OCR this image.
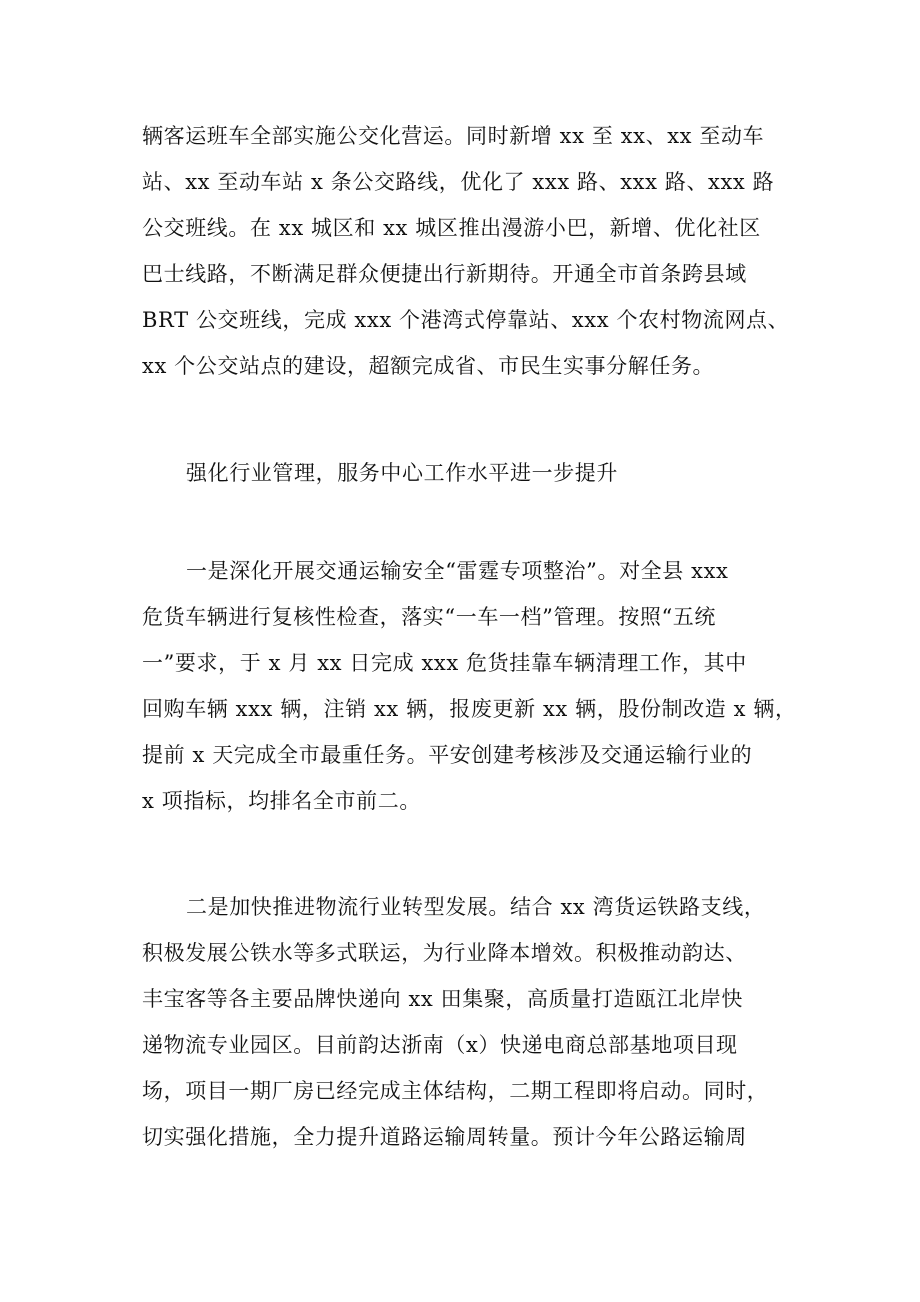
辆客运班车全部实施公交化营运。同时新增 xx 至 xx、xx 至动车
站、xx 至动车站 x 条公交路线，优化了 xxx 路、xxx 路、xxx 路
公交班线。在 xx 城区和 xx 城区推出漫游小巴，新增、优化社区
巴士线路，不断满足群众便捷出行新期待。开通全市首条跨县域
BRT 公交班线，完成 xxx 个港湾式停靠站、xxx 个农村物流网点、
xx 个公交站点的建设，超额完成省、市民生实事分解任务。
强化行业管理，服务中心工作水平进一步提升
一是深化开展交通运输安全“雷霆专项整治”。对全县 xxx
危货车辆进行复核性检查，落实“一车一档”管理。按照“五统
一”要求，于 x 月 xx 日完成 xxx 危货挂靠车辆清理工作，其中
回购车辆 xxx 辆，注销 xx 辆，报废更新 xx 辆，股份制改造 x 辆，
提前 x 天完成全市最重任务。平安创建考核涉及交通运输行业的
x 项指标，均排名全市前二。
二是加快推进物流行业转型发展。结合 xx 湾货运铁路支线，
积极发展公铁水等多式联运，为行业降本增效。积极推动韵达、
丰宝客等各主要品牌快递向 xx 田集聚，高质量打造瓯江北岸快
递物流专业园区。目前韵达浙南（x）快递电商总部基地项目现
场，项目一期厂房已经完成主体结构，二期工程即将启动。同时，
切实强化措施，全力提升道路运输周转量。预计今年公路运输周
